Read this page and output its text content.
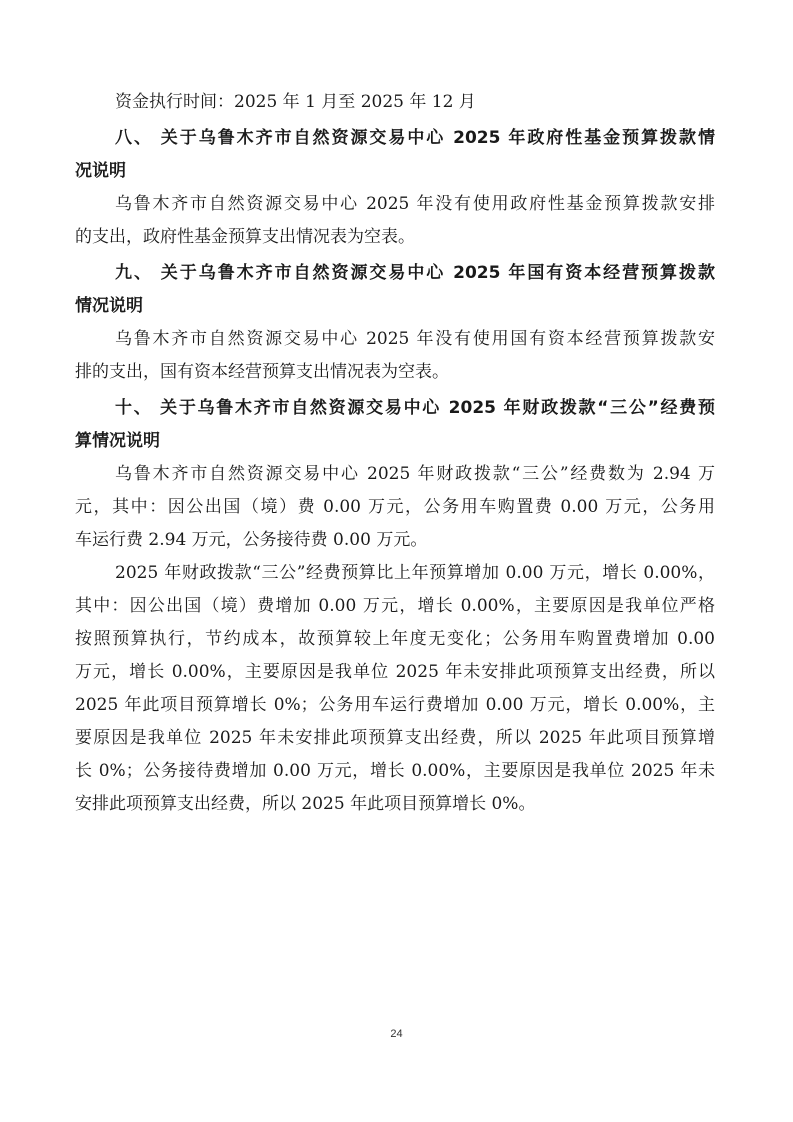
资金执行时间：2025 年 1 月至 2025 年 12 月
八、 关于乌鲁木齐市自然资源交易中心 2025 年政府性基金预算拨款情
况说明
乌鲁木齐市自然资源交易中心 2025 年没有使用政府性基金预算拨款安排
的支出，政府性基金预算支出情况表为空表。
九、 关于乌鲁木齐市自然资源交易中心 2025 年国有资本经营预算拨款
情况说明
乌鲁木齐市自然资源交易中心 2025 年没有使用国有资本经营预算拨款安
排的支出，国有资本经营预算支出情况表为空表。
十、 关于乌鲁木齐市自然资源交易中心 2025 年财政拨款“三公”经费预
算情况说明
乌鲁木齐市自然资源交易中心 2025 年财政拨款“三公”经费数为 2.94 万
元，其中：因公出国（境）费 0.00 万元，公务用车购置费 0.00 万元，公务用
车运行费 2.94 万元，公务接待费 0.00 万元。
2025 年财政拨款“三公”经费预算比上年预算增加 0.00 万元，增长 0.00%，
其中：因公出国（境）费增加 0.00 万元，增长 0.00%，主要原因是我单位严格
按照预算执行，节约成本，故预算较上年度无变化；公务用车购置费增加 0.00
万元，增长 0.00%，主要原因是我单位 2025 年未安排此项预算支出经费，所以
2025 年此项目预算增长 0%；公务用车运行费增加 0.00 万元，增长 0.00%，主
要原因是我单位 2025 年未安排此项预算支出经费，所以 2025 年此项目预算增
长 0%；公务接待费增加 0.00 万元，增长 0.00%，主要原因是我单位 2025 年未
安排此项预算支出经费，所以 2025 年此项目预算增长 0%。
24
